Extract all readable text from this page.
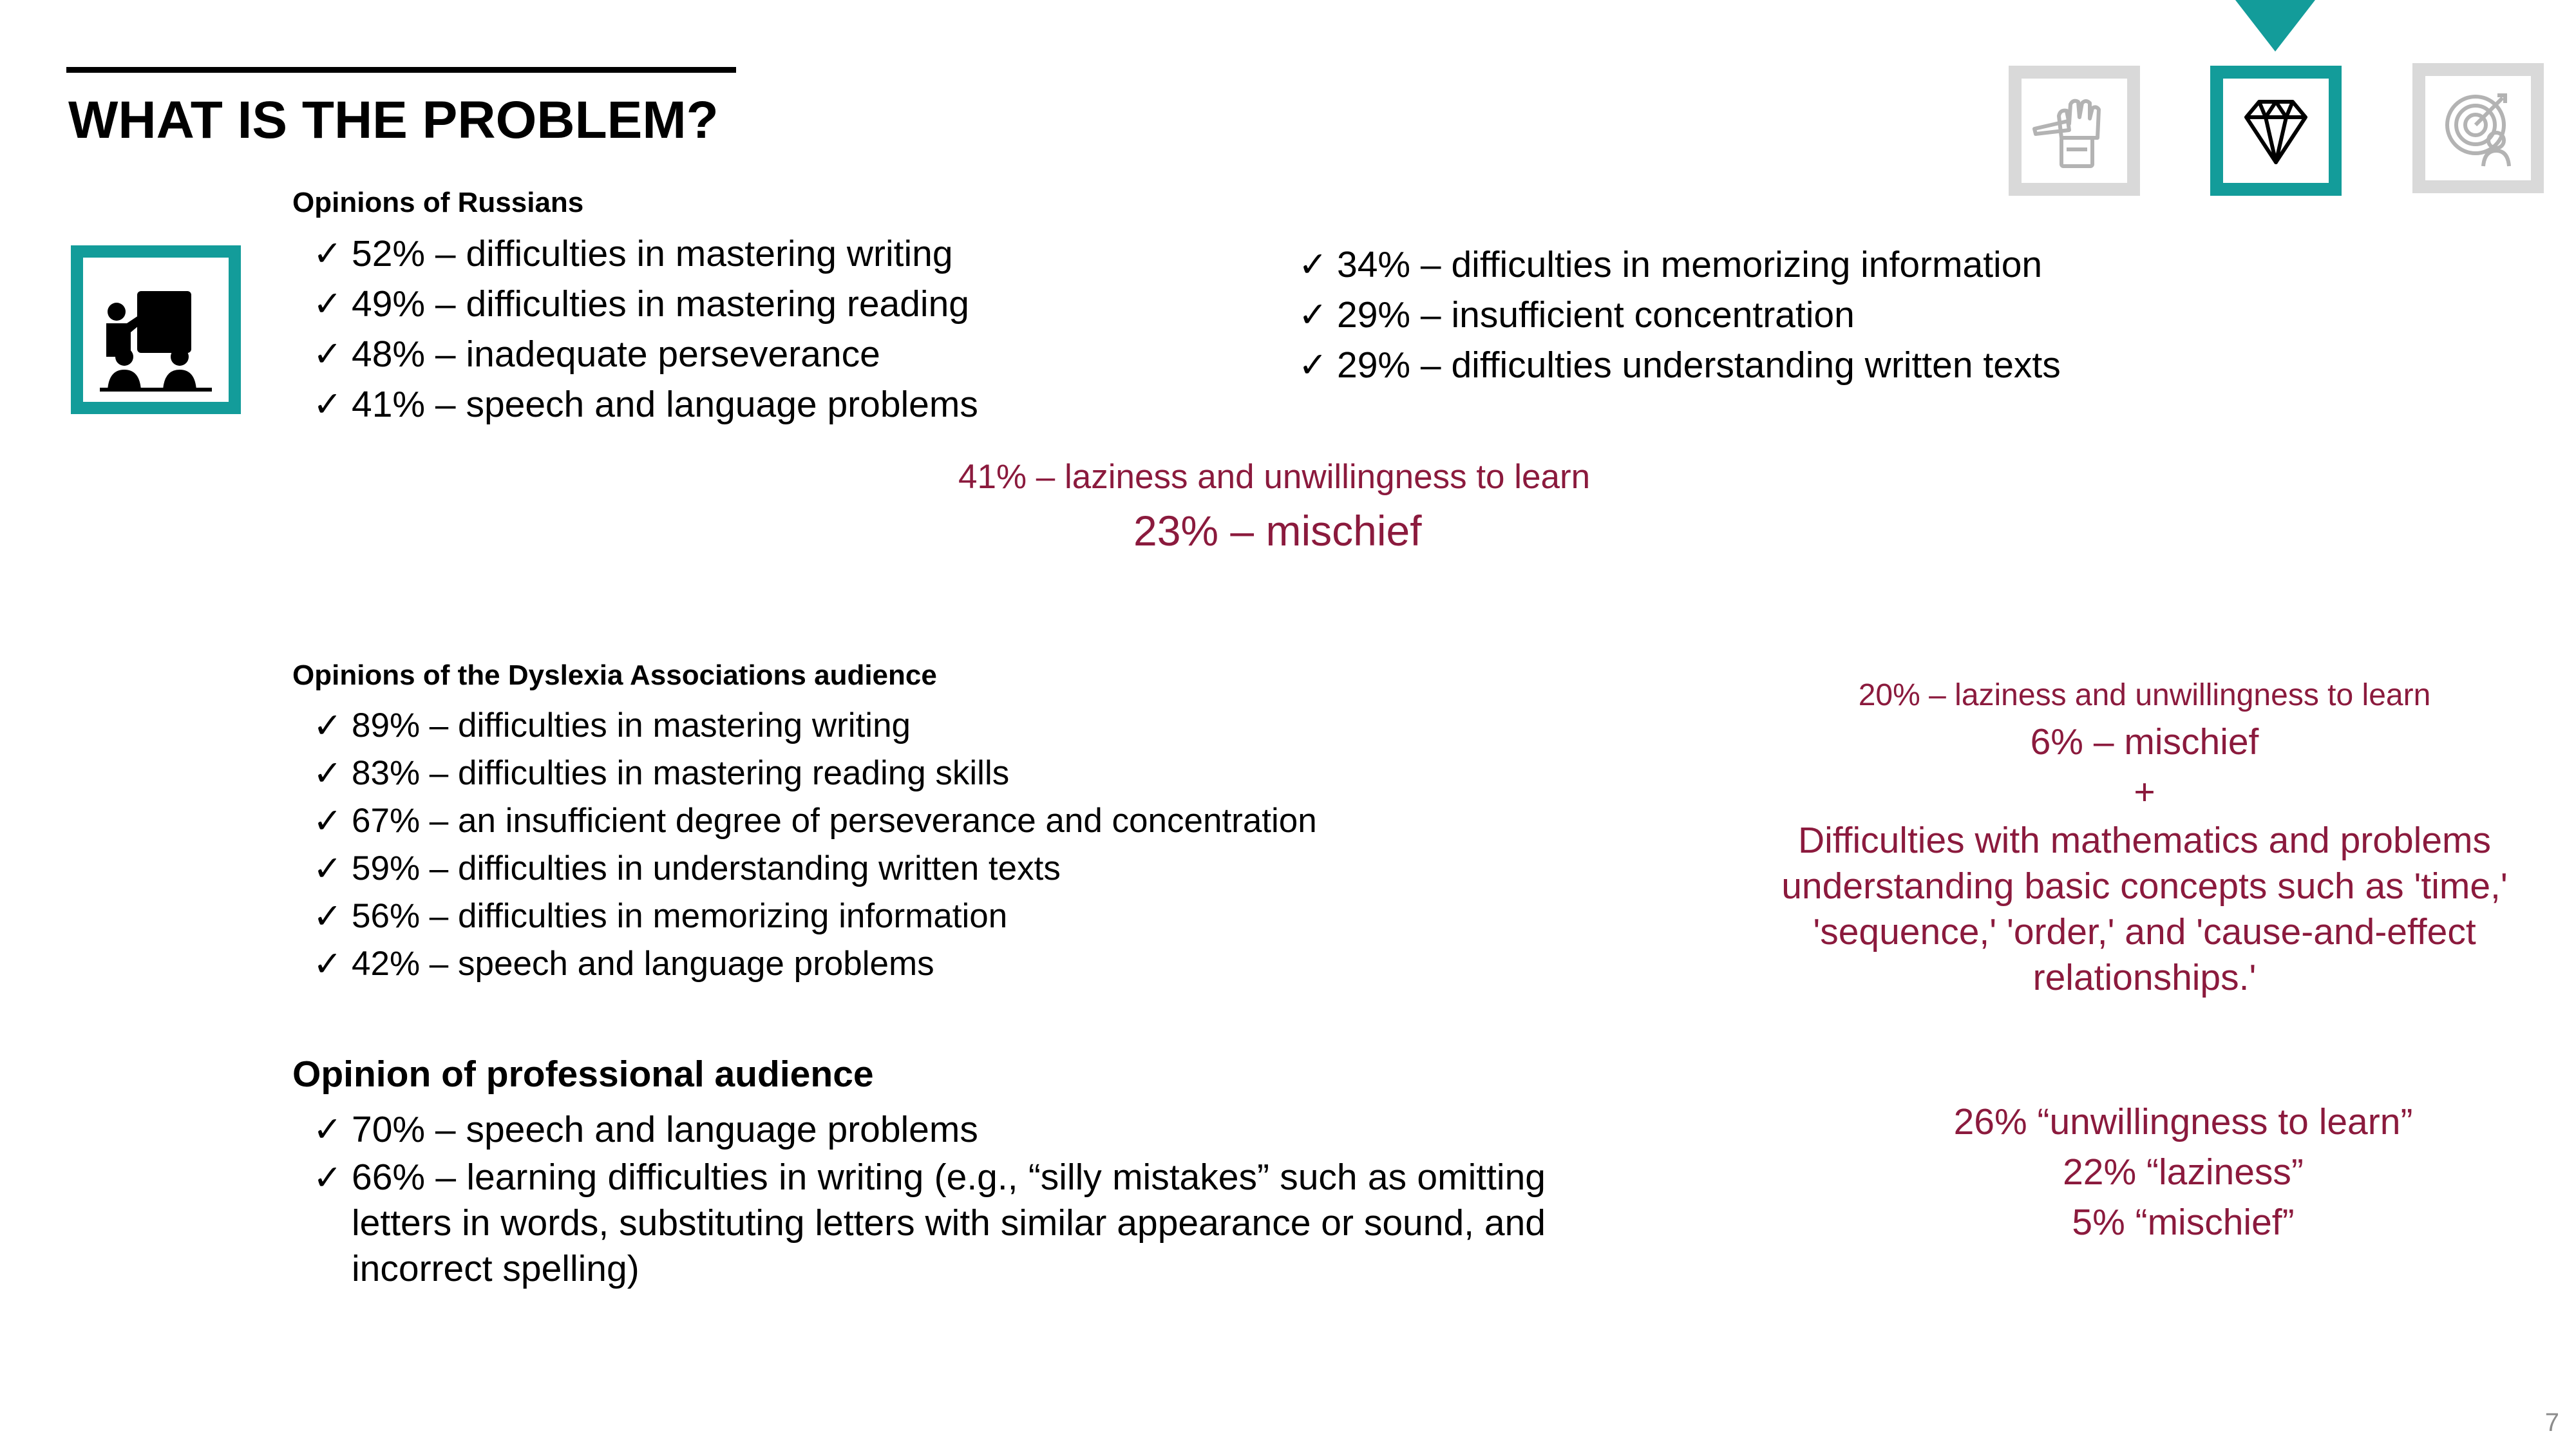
WHAT IS THE PROBLEM?
Opinions of Russians
✓ 52% – difficulties in mastering writing
✓ 49% – difficulties in mastering reading
✓ 48% – inadequate perseverance
✓ 41% – speech and language problems
✓ 34% – difficulties in memorizing information
✓ 29% – insufficient concentration
✓ 29% – difficulties understanding written texts
41% – laziness and unwillingness to learn
23% – mischief
Opinions of the Dyslexia Associations audience
✓ 89% – difficulties in mastering writing
✓ 83% – difficulties in mastering reading skills
✓ 67% – an insufficient degree of perseverance and concentration
✓ 59% – difficulties in understanding written texts
✓ 56% – difficulties in memorizing information
✓ 42% – speech and language problems
20% – laziness and unwillingness to learn
6% – mischief
+
Difficulties with mathematics and problems
understanding basic concepts such as 'time,'
'sequence,' 'order,' and 'cause-and-effect
relationships.'
Opinion of professional audience
✓ 70% – speech and language problems
✓ 66% – learning difficulties in writing (e.g., “silly mistakes” such as omitting letters in words, substituting letters with similar appearance or sound, and incorrect spelling)
26% “unwillingness to learn”
22% “laziness”
5% “mischief”
7
